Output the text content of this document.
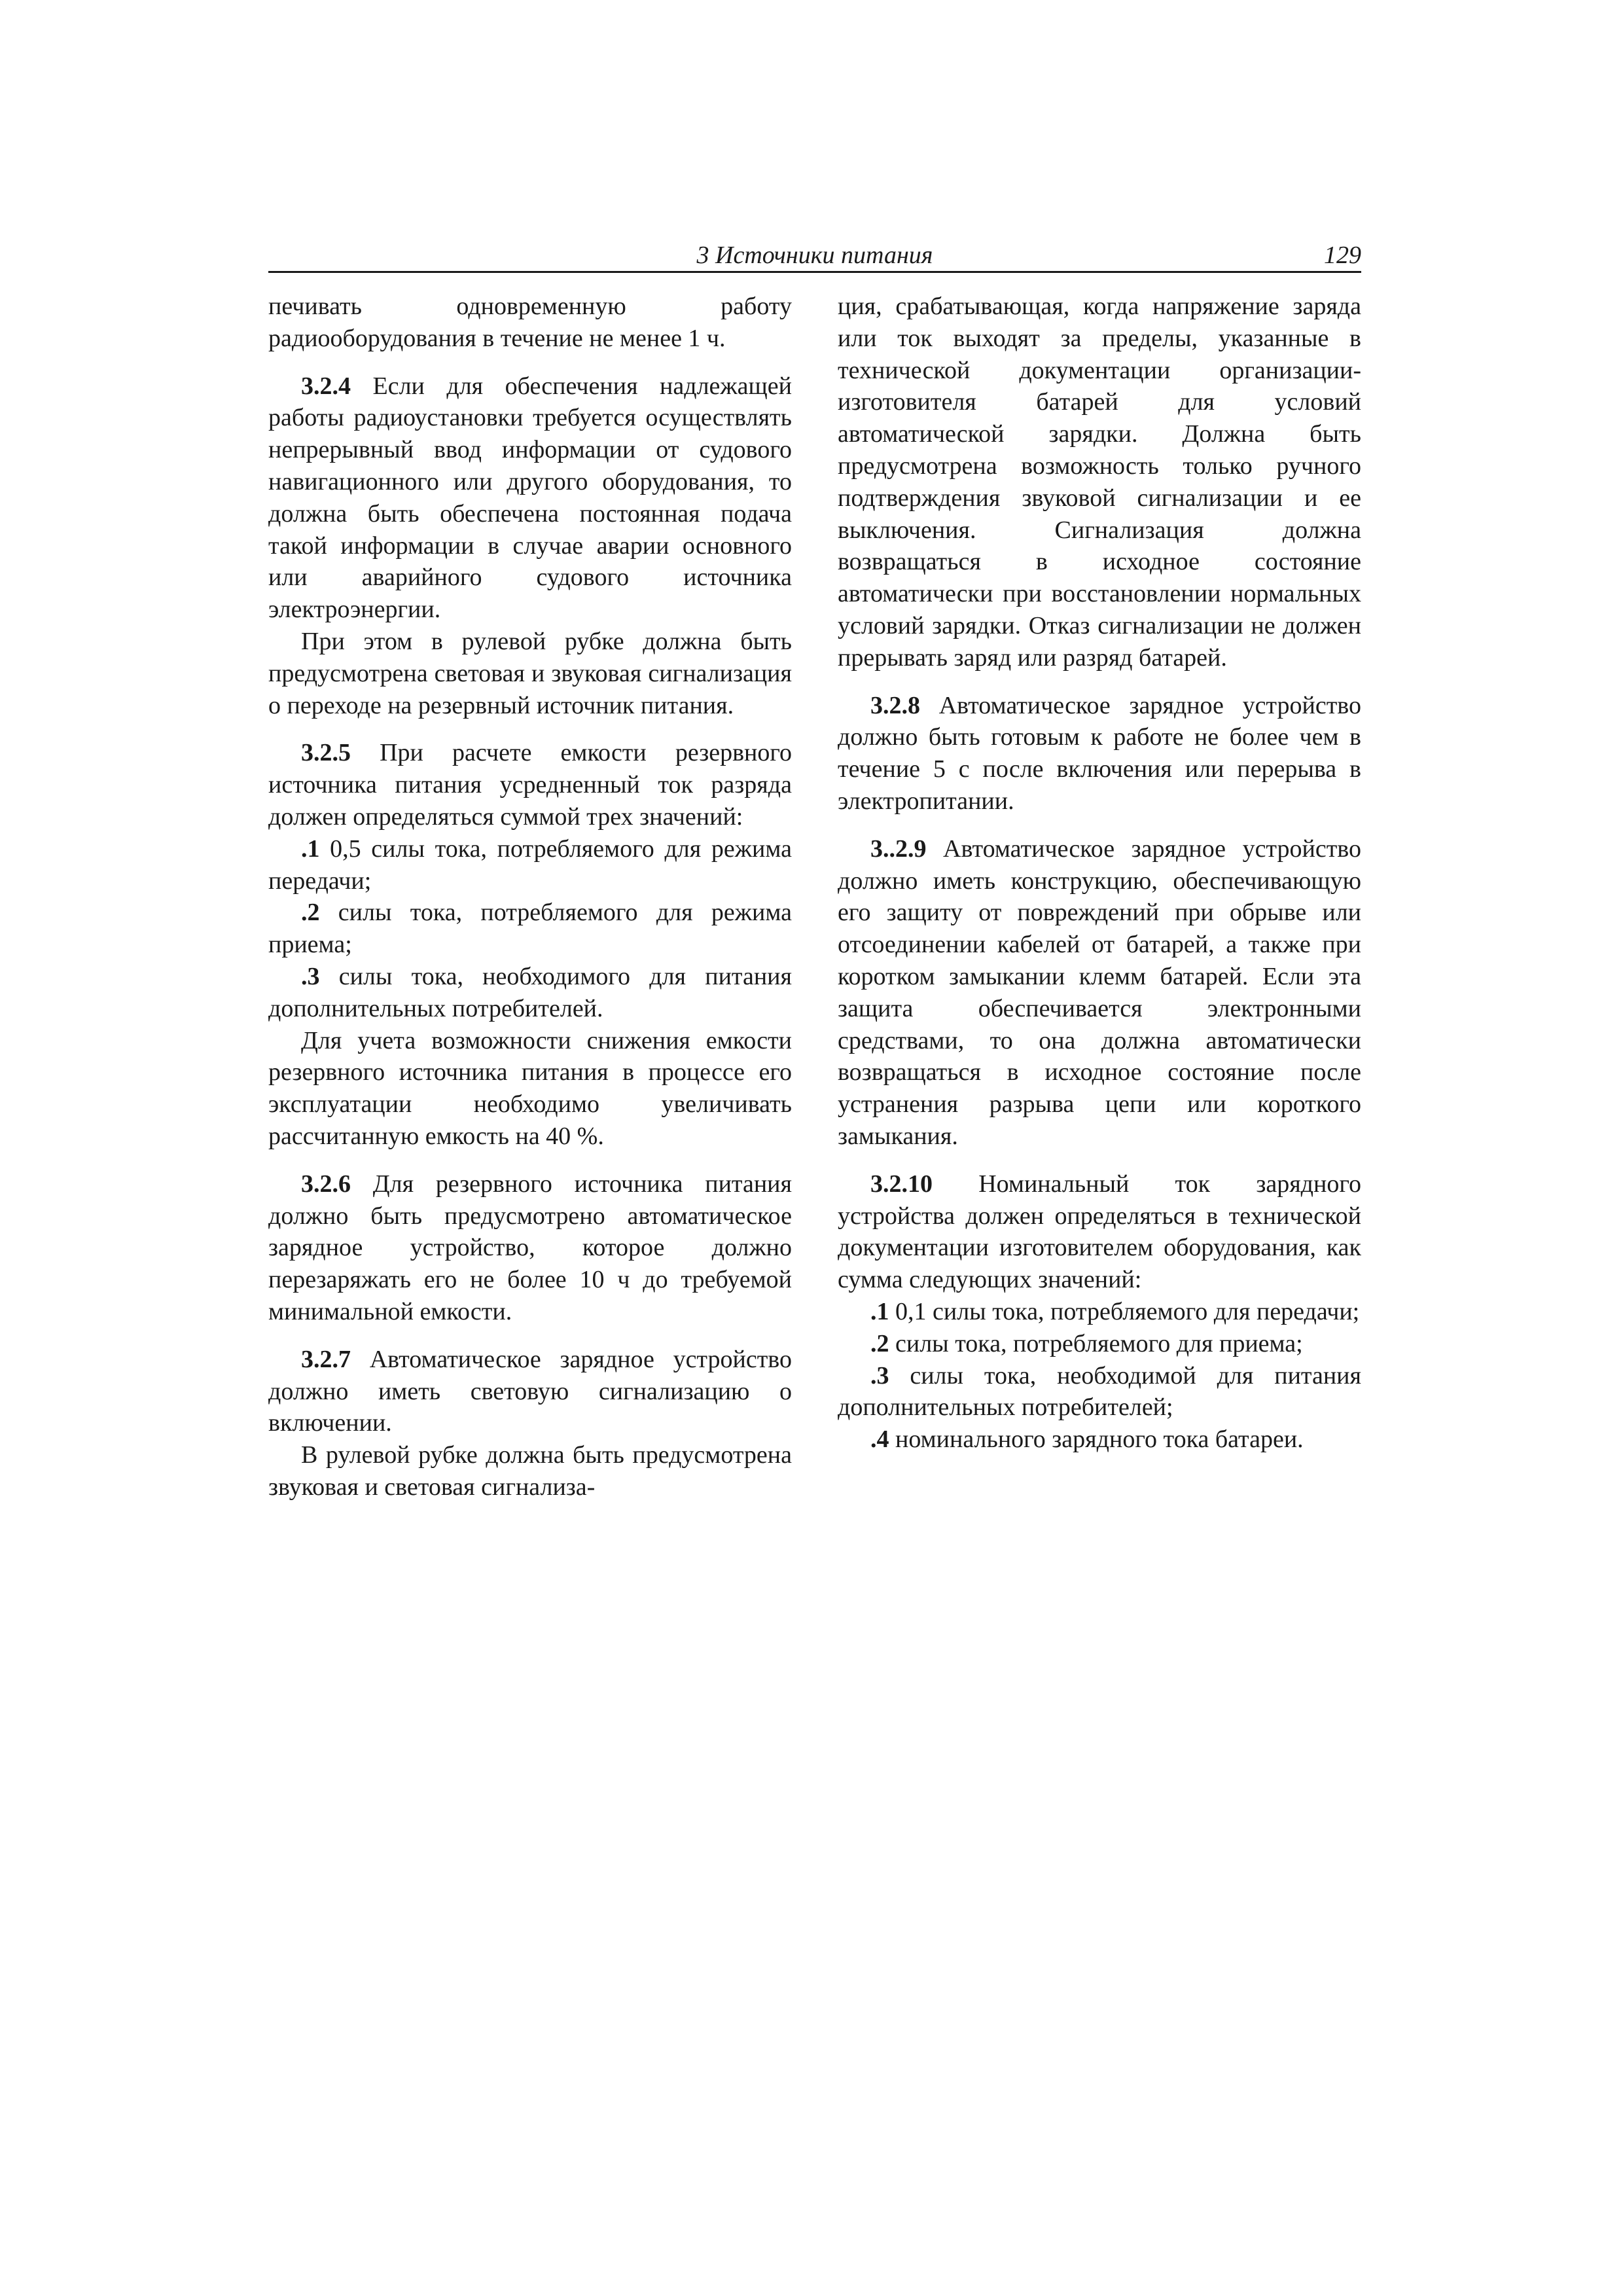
3 Источники питания	129

печивать одновременную работу радиооборудования в течение не менее 1 ч.

3.2.4 Если для обеспечения надлежащей работы радиоустановки требуется осуществлять непрерывный ввод информации от судового навигационного или другого оборудования, то должна быть обеспечена постоянная подача такой информации в случае аварии основного или аварийного судового источника электроэнергии.

При этом в рулевой рубке должна быть предусмотрена световая и звуковая сигнализация о переходе на резервный источник питания.

3.2.5 При расчете емкости резервного источника питания усредненный ток разряда должен определяться суммой трех значений:

.1 0,5 силы тока, потребляемого для режима передачи;

.2 силы тока, потребляемого для режима приема;

.3 силы тока, необходимого для питания дополнительных потребителей.

Для учета возможности снижения емкости резервного источника питания в процессе его эксплуатации необходимо увеличивать рассчитанную емкость на 40 %.

3.2.6 Для резервного источника питания должно быть предусмотрено автоматическое зарядное устройство, которое должно перезаряжать его не более 10 ч до требуемой минимальной емкости.

3.2.7 Автоматическое зарядное устройство должно иметь световую сигнализацию о включении.

В рулевой рубке должна быть предусмотрена звуковая и световая сигнализа-

ция, срабатывающая, когда напряжение заряда или ток выходят за пределы, указанные в технической документации организации-изготовителя батарей для условий автоматической зарядки. Должна быть предусмотрена возможность только ручного подтверждения звуковой сигнализации и ее выключения. Сигнализация должна возвращаться в исходное состояние автоматически при восстановлении нормальных условий зарядки. Отказ сигнализации не должен прерывать заряд или разряд батарей.

3.2.8 Автоматическое зарядное устройство должно быть готовым к работе не более чем в течение 5 с после включения или перерыва в электропитании.

3..2.9 Автоматическое зарядное устройство должно иметь конструкцию, обеспечивающую его защиту от повреждений при обрыве или отсоединении кабелей от батарей, а также при коротком замыкании клемм батарей. Если эта защита обеспечивается электронными средствами, то она должна автоматически возвращаться в исходное состояние после устранения разрыва цепи или короткого замыкания.

3.2.10 Номинальный ток зарядного устройства должен определяться в технической документации изготовителем оборудования, как сумма следующих значений:

.1 0,1 силы тока, потребляемого для передачи;

.2 силы тока, потребляемого для приема;

.3 силы тока, необходимой для питания дополнительных потребителей;

.4 номинального зарядного тока батареи.
